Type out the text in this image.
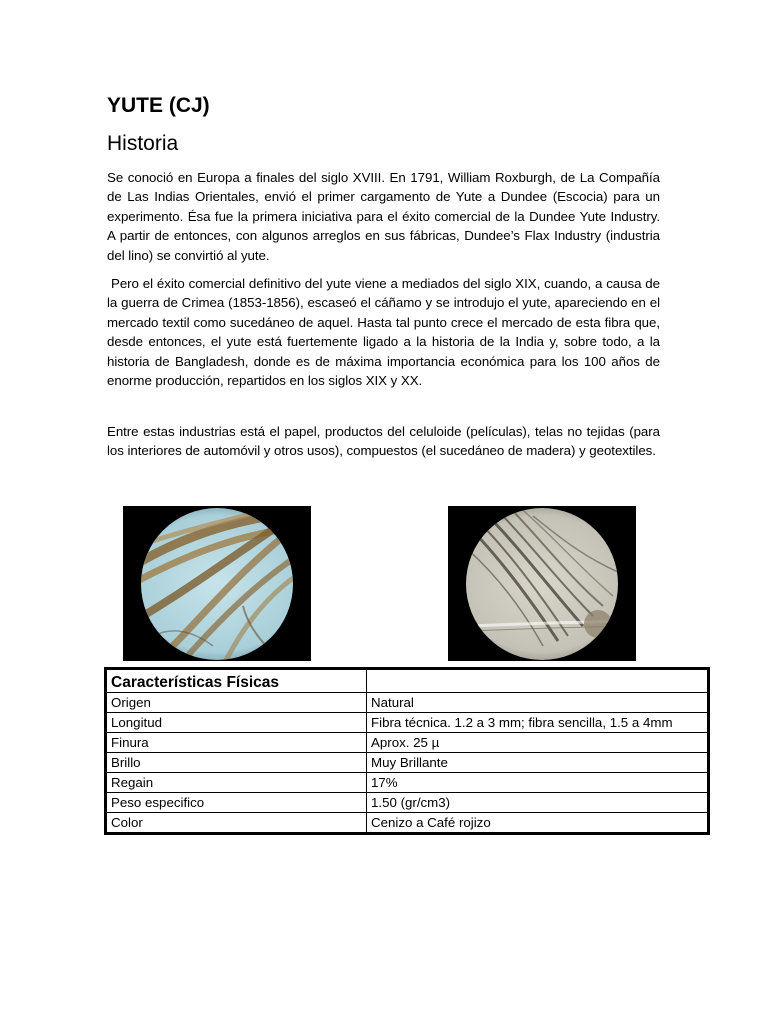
YUTE (CJ)
Historia

Se conoció en Europa a finales del siglo XVIII. En 1791, William Roxburgh, de La Compañía de Las Indias Orientales, envió el primer cargamento de Yute a Dundee (Escocia) para un experimento. Ésa fue la primera iniciativa para el éxito comercial de la Dundee Yute Industry. A partir de entonces, con algunos arreglos en sus fábricas, Dundee’s Flax Industry (industria del lino) se convirtió al yute.

Pero el éxito comercial definitivo del yute viene a mediados del siglo XIX, cuando, a causa de la guerra de Crimea (1853-1856), escaseó el cáñamo y se introdujo el yute, apareciendo en el mercado textil como sucedáneo de aquel. Hasta tal punto crece el mercado de esta fibra que, desde entonces, el yute está fuertemente ligado a la historia de la India y, sobre todo, a la historia de Bangladesh, donde es de máxima importancia económica para los 100 años de enorme producción, repartidos en los siglos XIX y XX.

Entre estas industrias está el papel, productos del celuloide (películas), telas no tejidas (para los interiores de automóvil y otros usos), compuestos (el sucedáneo de madera) y geotextiles.

Características Físicas	
Origen	Natural
Longitud	Fibra técnica. 1.2 a 3 mm; fibra sencilla, 1.5 a 4mm
Finura	Aprox. 25 µ
Brillo	Muy Brillante
Regain	17%
Peso especifico	1.50 (gr/cm3)
Color	Cenizo a Café rojizo
